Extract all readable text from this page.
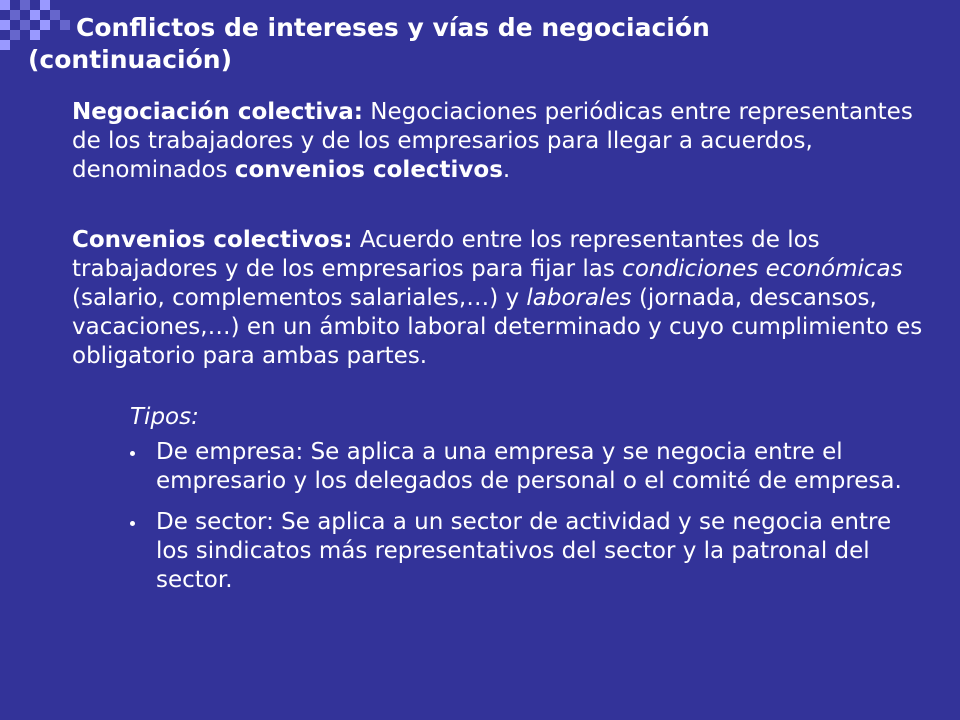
Conflictos de intereses y vías de negociación
(continuación)

Negociación colectiva: Negociaciones periódicas entre representantes de los trabajadores y de los empresarios para llegar a acuerdos, denominados convenios colectivos.

Convenios colectivos: Acuerdo entre los representantes de los trabajadores y de los empresarios para fijar las condiciones económicas (salario, complementos salariales,…) y laborales (jornada, descansos, vacaciones,…) en un ámbito laboral determinado y cuyo cumplimiento es obligatorio para ambas partes.

Tipos:
De empresa: Se aplica a una empresa y se negocia entre el empresario y los delegados de personal o el comité de empresa.
De sector: Se aplica a un sector de actividad y se negocia entre los sindicatos más representativos del sector y la patronal del sector.
